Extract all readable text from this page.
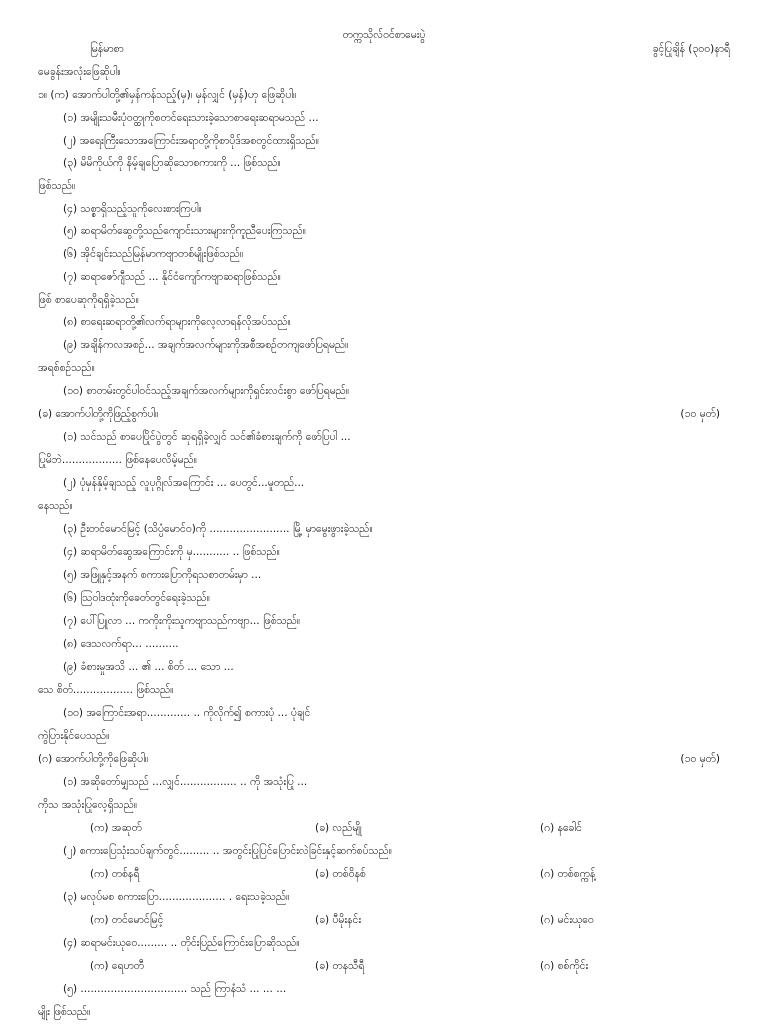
တက္ကသိုလ်ဝင်စာမေးပွဲ
မြန်မာစာ	ခွင့်ပြုချိန် (၃၀၀)နာရီ
မေခွန်းအလုံးဖြေဆိုပါ။
၁။ (က) အောက်ပါတို့၏မှန်ကန်သည့်(မှ)၊ မှန်လျှင် (မှန်)ဟု ဖြေဆိုပါ။
(၁) အမျိုးသမီးပုံဝတ္ထုကိုစတင်ရေးသားခဲ့သောစာရေးဆရာမသည် ...
(၂) အရေးကြီးသောအကြောင်းအရာတို့ကိုစာပိုဒ်အစတွင်ထားရှိသည်။
(၃) မိမိကိုယ်ကို နိမ့်ချပြောဆိုသောစကားကို ... ဖြစ်သည်။
ဖြစ်သည်။
(၄) သစ္စာရှိသည့်သူကိုလေးစားကြပါ။
(၅) ဆရာမိတ်ဆွေတို့သည်ကျောင်းသားများကိုကူညီပေးကြသည်။
(၆) အိုင်ချင်းသည်မြန်မာကဗျာတစ်မျိုးဖြစ်သည်။
(၇) ဆရာဇော်ဂျီသည် ... နိုင်ငံကျော်ကဗျာဆရာဖြစ်သည်။
ဖြစ် စာပေဆုကိုရရှိခဲ့သည်။
(၈) စာရေးဆရာတို့၏လက်ရာများကိုလေ့လာရန်လိုအပ်သည်။
(၉) အချိန်ကလအစဉ်... အချက်အလက်များကိုအစီအစဉ်တကျဖော်ပြရမည်။
အရစ်စဉ်သည်။
(၁၀) စာတမ်းတွင်ပါဝင်သည့်အချက်အလက်များကိုရှင်းလင်းစွာ ဖော်ပြရမည်။
(ခ) အောက်ပါတို့ကိုဖြည့်စွက်ပါ။	(၁၀ မှတ်)
(၁) သင်သည် စာပေပြိုင်ပွဲတွင် ဆုရရှိခဲ့လျှင် သင်၏ခံစားချက်ကို ဖော်ပြပါ ...
ပြုမိဘဲ.................. ဖြစ်နေပေလိမ့်မည်။
(၂) ပုံမှန်နှိမ့်ချသည့် လူပုဂ္ဂိုလ်အကြောင်း ... ပေတွင်...မူတည်...
နေသည်။
(၃) ဦးတင်မောင်မြင့် (သိပ္ပံမောင်ဝ)ကို ........................ မြို့ မှာမွေးဖွားခဲ့သည်။
(၄) ဆရာမိတ်ဆွေအကြောင်းကို မှ........... .. ဖြစ်သည်။
(၅) အဖြူနှင့်အနက် စကားပြောကိုရသစာတမ်းမှာ ...
(၆) သြဝါဒထုံးကိုခေတ်တွင်ရေးခဲ့သည်။
(၇) ပေါ်ပြူလာ ... ကကိုးကိုးသူကဗျာသည်ကဗျာ... ဖြစ်သည်။
(၈) ဒေသလက်ရာ... ..........
(၉) ခံစားမှုအသိ ... ၏ ... စိတ် ... သော ...
သေ စိတ်.................. ဖြစ်သည်။
(၁၀) အကြောင်းအရာ............. .. ကိုလိုက်၍ စကားပုံ ... ပုံချင်
ကွဲပြားနိုင်ပေသည်။
(ဂ) အောက်ပါတို့ကိုဖြေဆိုပါ။	(၁၀ မှတ်)
(၁) အဆိုတော်မျှသည် ...လျှင်................. .. ကို အသုံးပြု ...
ကိုသ အသုံးပြုလေ့ရှိသည်။
(က) အဆုတ်	(ခ) လည်မျို	(ဂ) နခေါင်
(၂) စကားပြေသုံးသပ်ချက်တွင်......... .. အတွင်းပြုပြင်ပြောင်းလဲခြင်းနှင့်ဆက်စပ်သည်။
(က) တစ်နရီ	(ခ) တစ်ဝိနစ်	(ဂ) တစ်စက္ကန့်
(၃) မလုပ်မစ စကားပြော.................... . ရေးသခဲ့သည်။
(က) တင်မောင်မြင့်	(ခ) ပီမိုးနင်း	(ဂ) မင်းယုဝေ
(၄) ဆရာမင်းယုဝေ......... .. တိုင်းပြည်ကြောင်းပြောဆိုသည်။
(က) ရေဟတီ	(ခ) တနသီရီ	(ဂ) စစ်ကိုင်း
(၅) ................................ သည် ကြာနံသံ ... ... ...
မျိုး ဖြစ်သည်။
